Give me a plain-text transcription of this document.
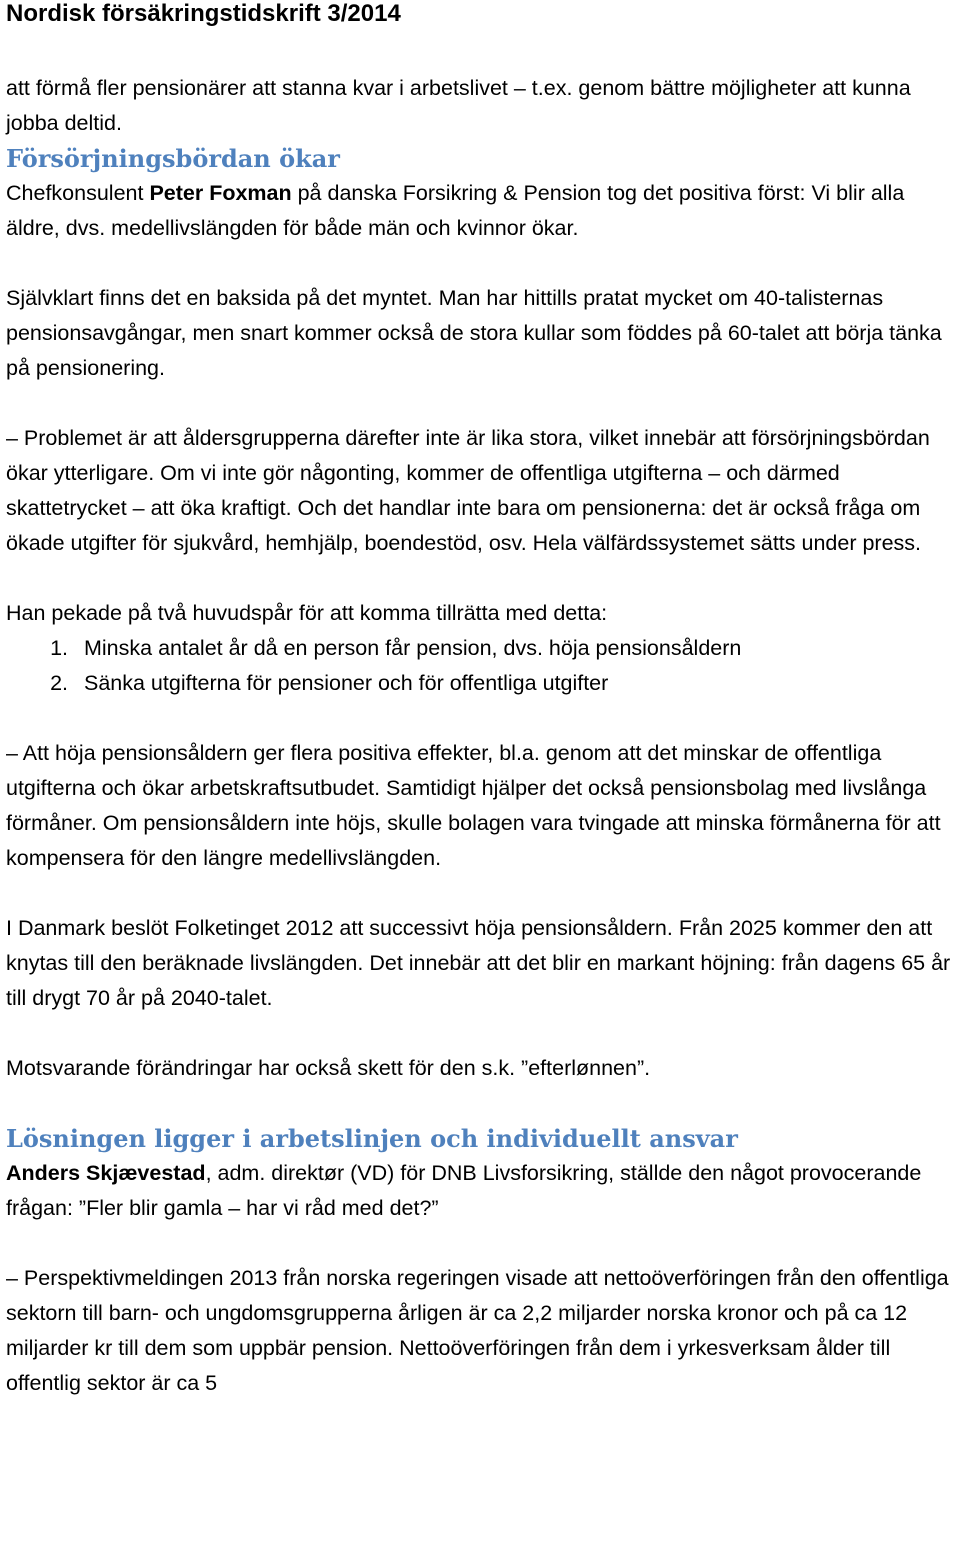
Nordisk försäkringstidskrift 3/2014

att förmå fler pensionärer att stanna kvar i arbetslivet – t.ex. genom bättre möjligheter att kunna jobba deltid.

Försörjningsbördan ökar

Chefkonsulent Peter Foxman på danska Forsikring & Pension tog det positiva först: Vi blir alla äldre, dvs. medellivslängden för både män och kvinnor ökar.

Självklart finns det en baksida på det myntet. Man har hittills pratat mycket om 40-talisternas pensionsavgångar, men snart kommer också de stora kullar som föddes på 60-talet att börja tänka på pensionering.

– Problemet är att åldersgrupperna därefter inte är lika stora, vilket innebär att försörjningsbördan ökar ytterligare. Om vi inte gör någonting, kommer de offentliga utgifterna – och därmed skattetrycket – att öka kraftigt. Och det handlar inte bara om pensionerna: det är också fråga om ökade utgifter för sjukvård, hemhjälp, boendestöd, osv. Hela välfärdssystemet sätts under press.

Han pekade på två huvudspår för att komma tillrätta med detta:

1. Minska antalet år då en person får pension, dvs. höja pensionsåldern
2. Sänka utgifterna för pensioner och för offentliga utgifter

– Att höja pensionsåldern ger flera positiva effekter, bl.a. genom att det minskar de offentliga utgifterna och ökar arbetskraftsutbudet. Samtidigt hjälper det också pensionsbolag med livslånga förmåner. Om pensionsåldern inte höjs, skulle bolagen vara tvingade att minska förmånerna för att kompensera för den längre medellivslängden.

I Danmark beslöt Folketinget 2012 att successivt höja pensionsåldern. Från 2025 kommer den att knytas till den beräknade livslängden. Det innebär att det blir en markant höjning: från dagens 65 år till drygt 70 år på 2040-talet.

Motsvarande förändringar har också skett för den s.k. ”efterlønnen”.

Lösningen ligger i arbetslinjen och individuellt ansvar

Anders Skjævestad, adm. direktør (VD) för DNB Livsforsikring, ställde den något provocerande frågan: ”Fler blir gamla – har vi råd med det?”

– Perspektivmeldingen 2013 från norska regeringen visade att nettoöverföringen från den offentliga sektorn till barn- och ungdomsgrupperna årligen är ca 2,2 miljarder norska kronor och på ca 12 miljarder kr till dem som uppbär pension. Nettoöverföringen från dem i yrkesverksam ålder till offentlig sektor är ca 5
